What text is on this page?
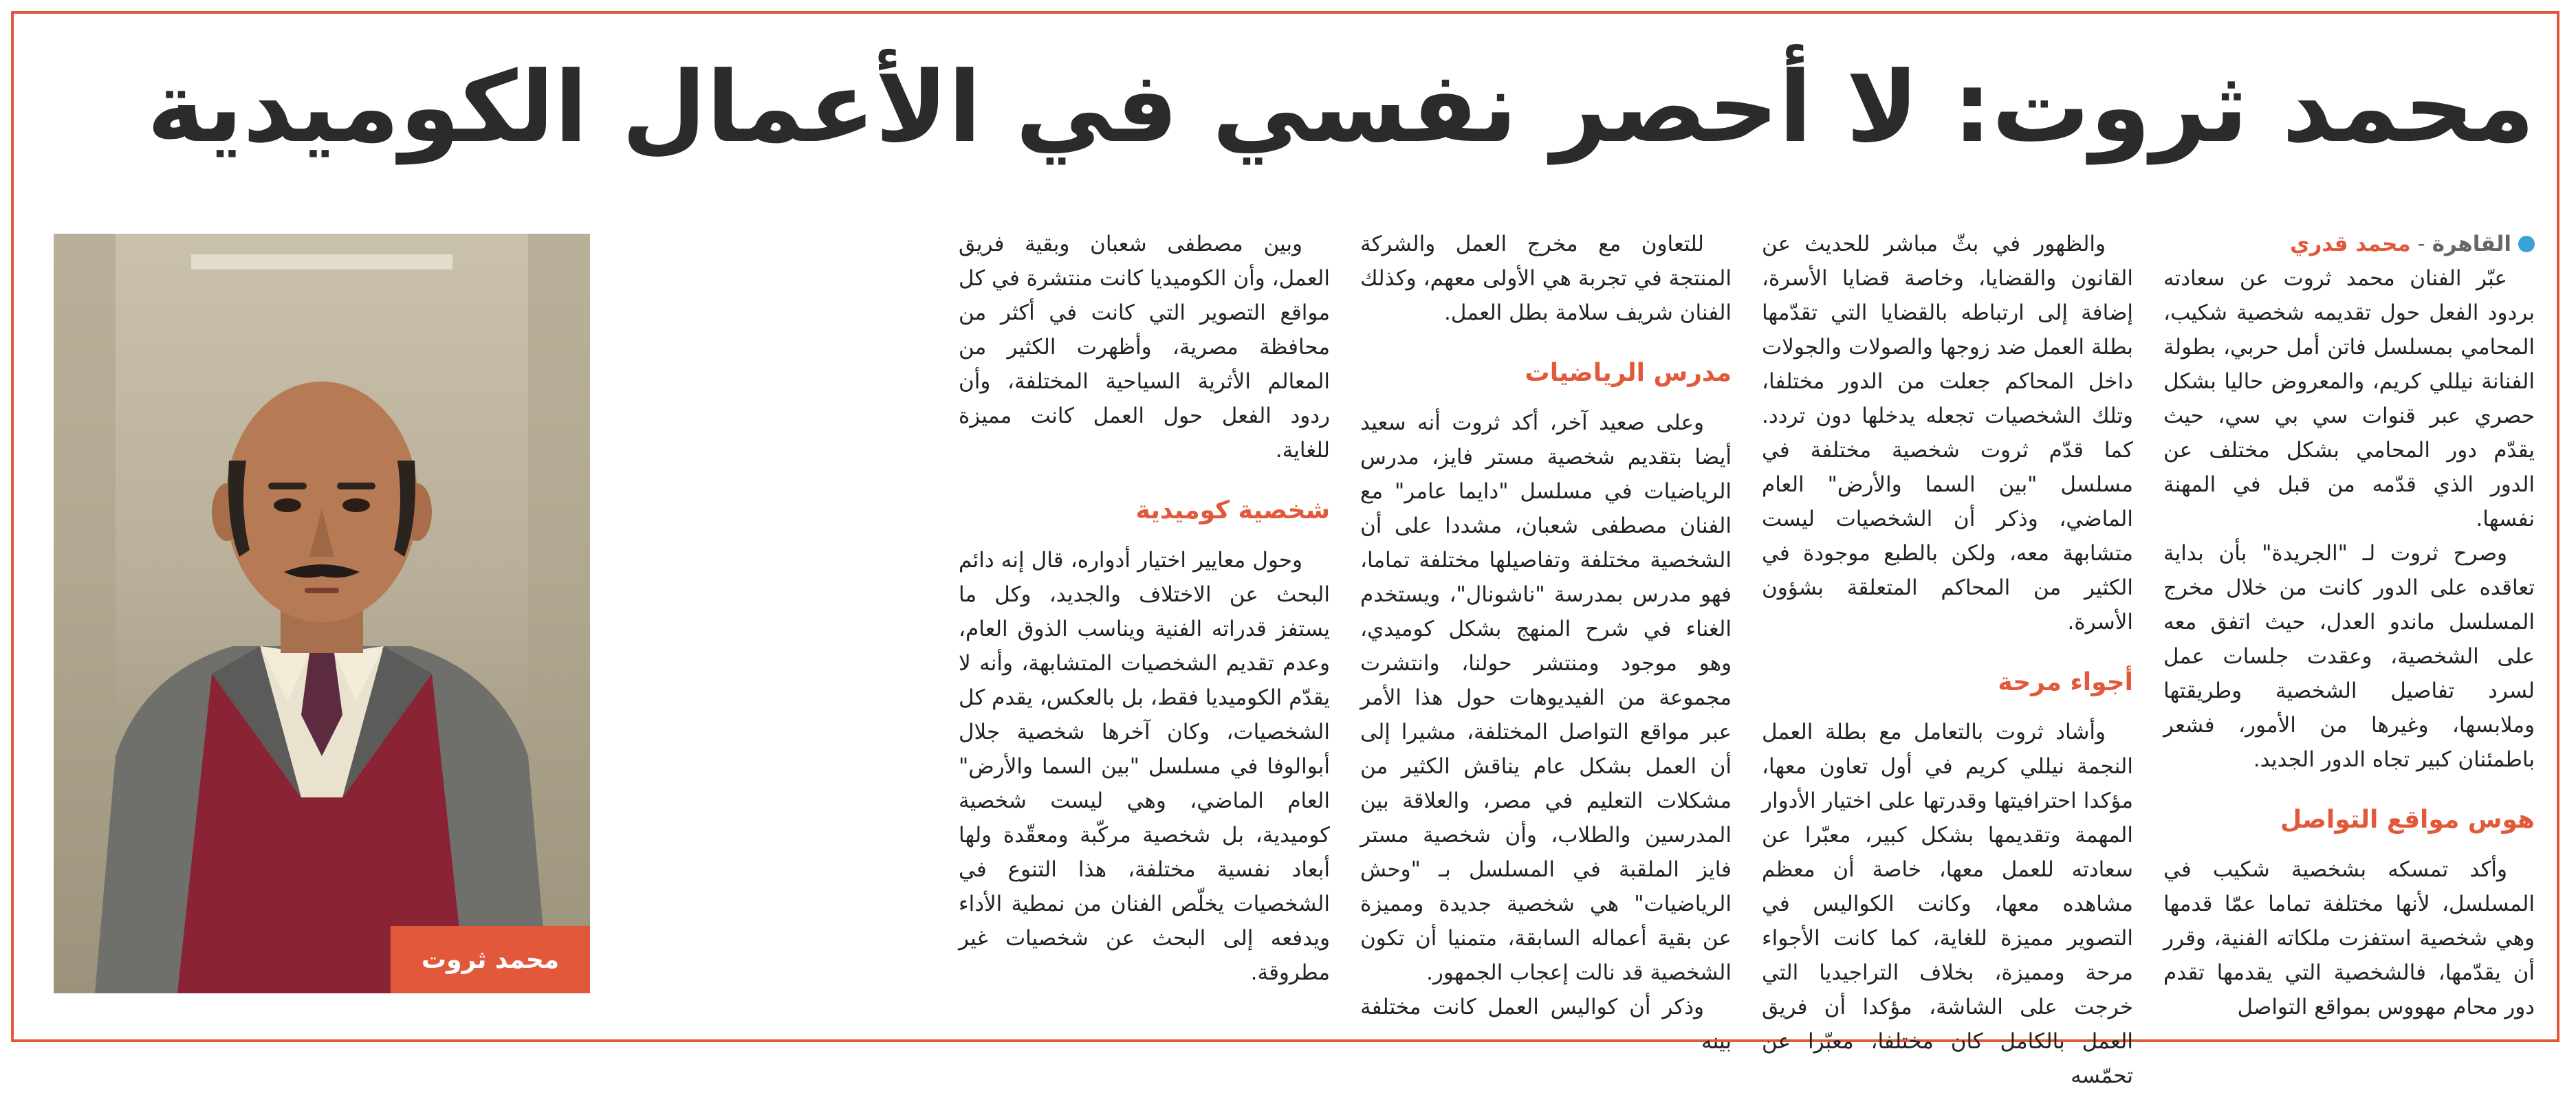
محمد ثروت: لا أحصر نفسي في الأعمال الكوميدية
القاهرة
-
محمد قدري

عبّر الفنان محمد ثروت عن سعادته بردود الفعل حول تقديمه شخصية شكيب، المحامي بمسلسل فاتن أمل حربي، بطولة الفنانة نيللي كريم، والمعروض حاليا بشكل حصري عبر قنوات سي بي سي، حيث يقدّم دور المحامي بشكل مختلف عن الدور الذي قدّمه من قبل في المهنة نفسها.

وصرح ثروت لـ "الجريدة" بأن بداية تعاقده على الدور كانت من خلال مخرج المسلسل ماندو العدل، حيث اتفق معه على الشخصية، وعقدت جلسات عمل لسرد تفاصيل الشخصية وطريقتها وملابسها، وغيرها من الأمور، فشعر باطمئنان كبير تجاه الدور الجديد.

هوس مواقع التواصل

وأكد تمسكه بشخصية شكيب في المسلسل، لأنها مختلفة تماما عمّا قدمها وهي شخصية استفزت ملكاته الفنية، وقرر أن يقدّمها، فالشخصية التي يقدمها تقدم دور محام مهووس بمواقع التواصل

والظهور في بثّ مباشر للحديث عن القانون والقضايا، وخاصة قضايا الأسرة، إضافة إلى ارتباطه بالقضايا التي تقدّمها بطلة العمل ضد زوجها والصولات والجولات داخل المحاكم جعلت من الدور مختلفا، وتلك الشخصيات تجعله يدخلها دون تردد. كما قدّم ثروت شخصية مختلفة في مسلسل "بين السما والأرض" العام الماضي، وذكر أن الشخصيات ليست متشابهة معه، ولكن بالطبع موجودة في الكثير من المحاكم المتعلقة بشؤون الأسرة.

أجواء مرحة

وأشاد ثروت بالتعامل مع بطلة العمل النجمة نيللي كريم في أول تعاون معها، مؤكدا احترافيتها وقدرتها على اختيار الأدوار المهمة وتقديمها بشكل كبير، معبّرا عن سعادته للعمل معها، خاصة أن معظم مشاهده معها، وكانت الكواليس في التصوير مميزة للغاية، كما كانت الأجواء مرحة ومميزة، بخلاف التراجيديا التي خرجت على الشاشة، مؤكدا أن فريق العمل بالكامل كان مختلفا، معبّرا عن تحمّسه

للتعاون مع مخرج العمل والشركة المنتجة في تجربة هي الأولى معهم، وكذلك الفنان شريف سلامة بطل العمل.

مدرس الرياضيات

وعلى صعيد آخر، أكد ثروت أنه سعيد أيضا بتقديم شخصية مستر فايز، مدرس الرياضيات في مسلسل "دايما عامر" مع الفنان مصطفى شعبان، مشددا على أن الشخصية مختلفة وتفاصيلها مختلفة تماما، فهو مدرس بمدرسة "ناشونال"، ويستخدم الغناء في شرح المنهج بشكل كوميدي، وهو موجود ومنتشر حولنا، وانتشرت مجموعة من الفيديوهات حول هذا الأمر عبر مواقع التواصل المختلفة، مشيرا إلى أن العمل بشكل عام يناقش الكثير من مشكلات التعليم في مصر، والعلاقة بين المدرسين والطلاب، وأن شخصية مستر فايز الملقبة في المسلسل بـ "وحش الرياضيات" هي شخصية جديدة ومميزة عن بقية أعماله السابقة، متمنيا أن تكون الشخصية قد نالت إعجاب الجمهور.

وذكر أن كواليس العمل كانت مختلفة بينه

وبين مصطفى شعبان وبقية فريق العمل، وأن الكوميديا كانت منتشرة في كل مواقع التصوير التي كانت في أكثر من محافظة مصرية، وأظهرت الكثير من المعالم الأثرية السياحية المختلفة، وأن ردود الفعل حول العمل كانت مميزة للغاية.

شخصية كوميدية

وحول معايير اختيار أدواره، قال إنه دائم البحث عن الاختلاف والجديد، وكل ما يستفز قدراته الفنية ويناسب الذوق العام، وعدم تقديم الشخصيات المتشابهة، وأنه لا يقدّم الكوميديا فقط، بل بالعكس، يقدم كل الشخصيات، وكان آخرها شخصية جلال أبوالوفا في مسلسل "بين السما والأرض" العام الماضي، وهي ليست شخصية كوميدية، بل شخصية مركّبة ومعقّدة ولها أبعاد نفسية مختلفة، هذا التنوع في الشخصيات يخلّص الفنان من نمطية الأداء ويدفعه إلى البحث عن شخصيات غير مطروقة.

محمد ثروت
